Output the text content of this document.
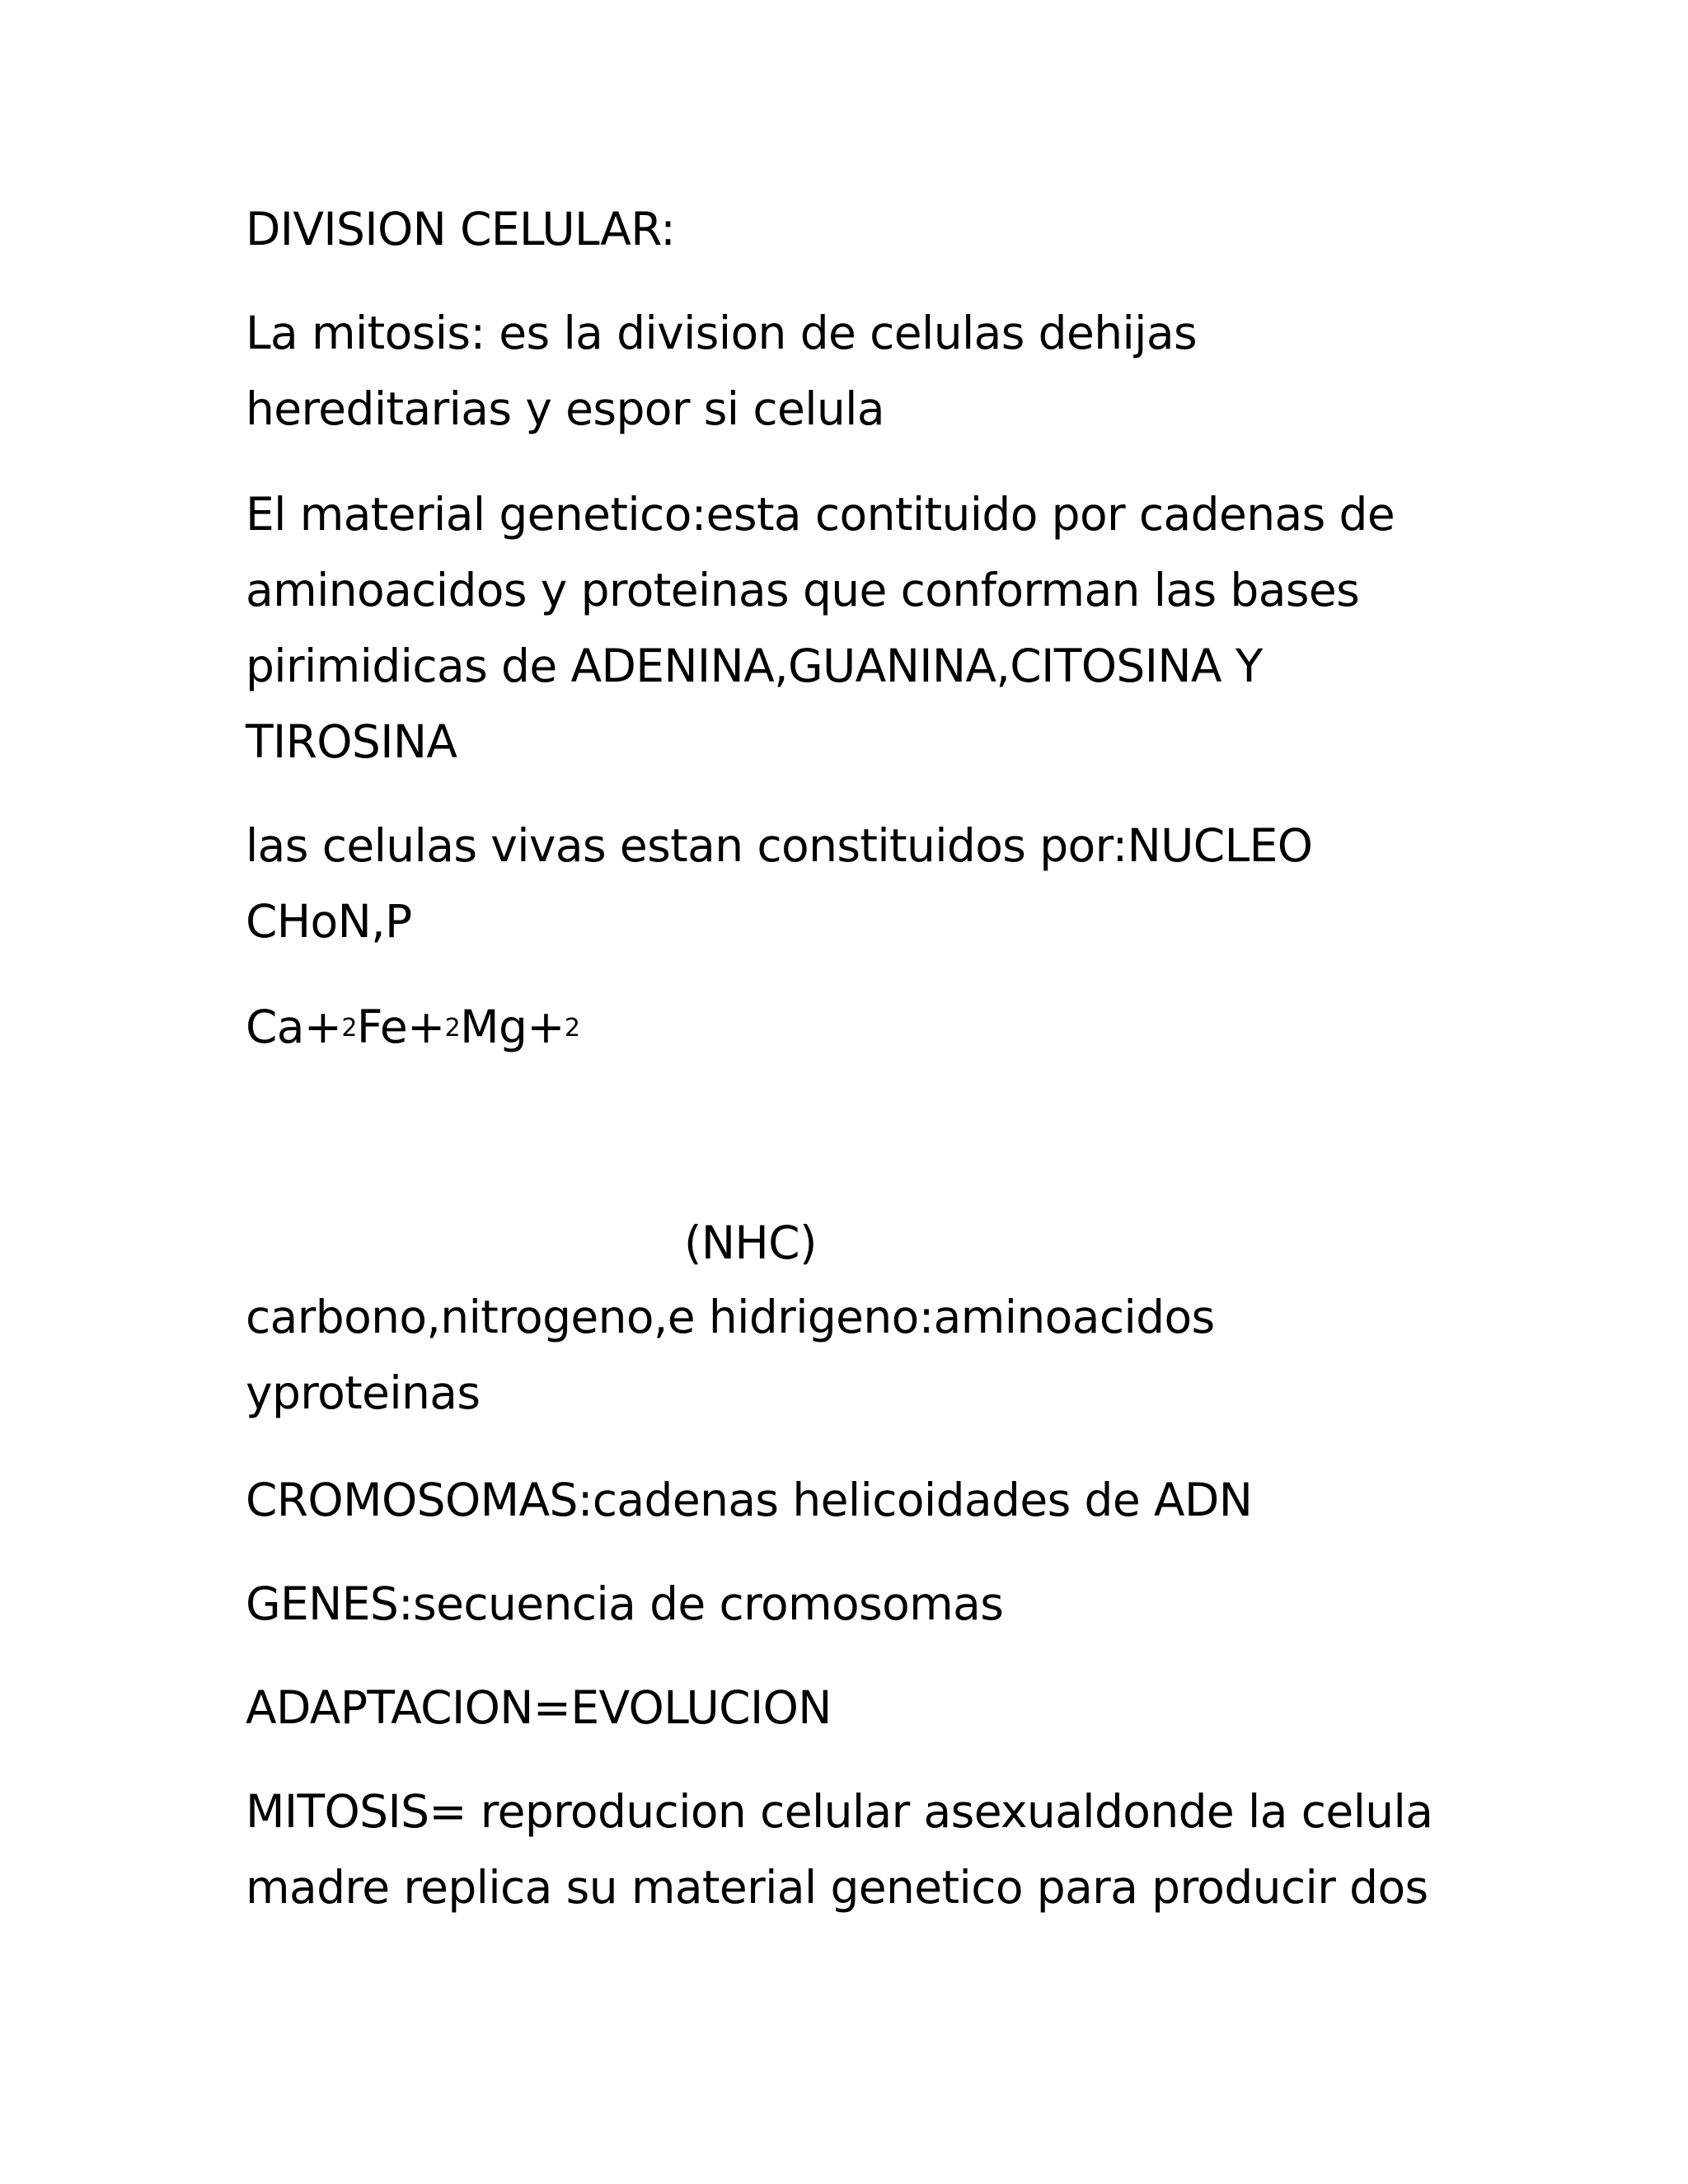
DIVISION CELULAR:

La mitosis: es la division de celulas dehijas
hereditarias y espor si celula

El material genetico:esta contituido por cadenas de
aminoacidos y proteinas que conforman las bases
pirimidicas de ADENINA,GUANINA,CITOSINA Y
TIROSINA

las celulas vivas estan constituidos por:NUCLEO
CHoN,P

Ca+$^2$Fe+$^2$Mg+$^2$

(NHC)

carbono,nitrogeno,e hidrigeno:aminoacidos
yproteinas

CROMOSOMAS:cadenas helicoidades de ADN

GENES:secuencia de cromosomas

ADAPTACION=EVOLUCION

MITOSIS= reproducion celular asexualdonde la celula
madre replica su material genetico para producir dos
